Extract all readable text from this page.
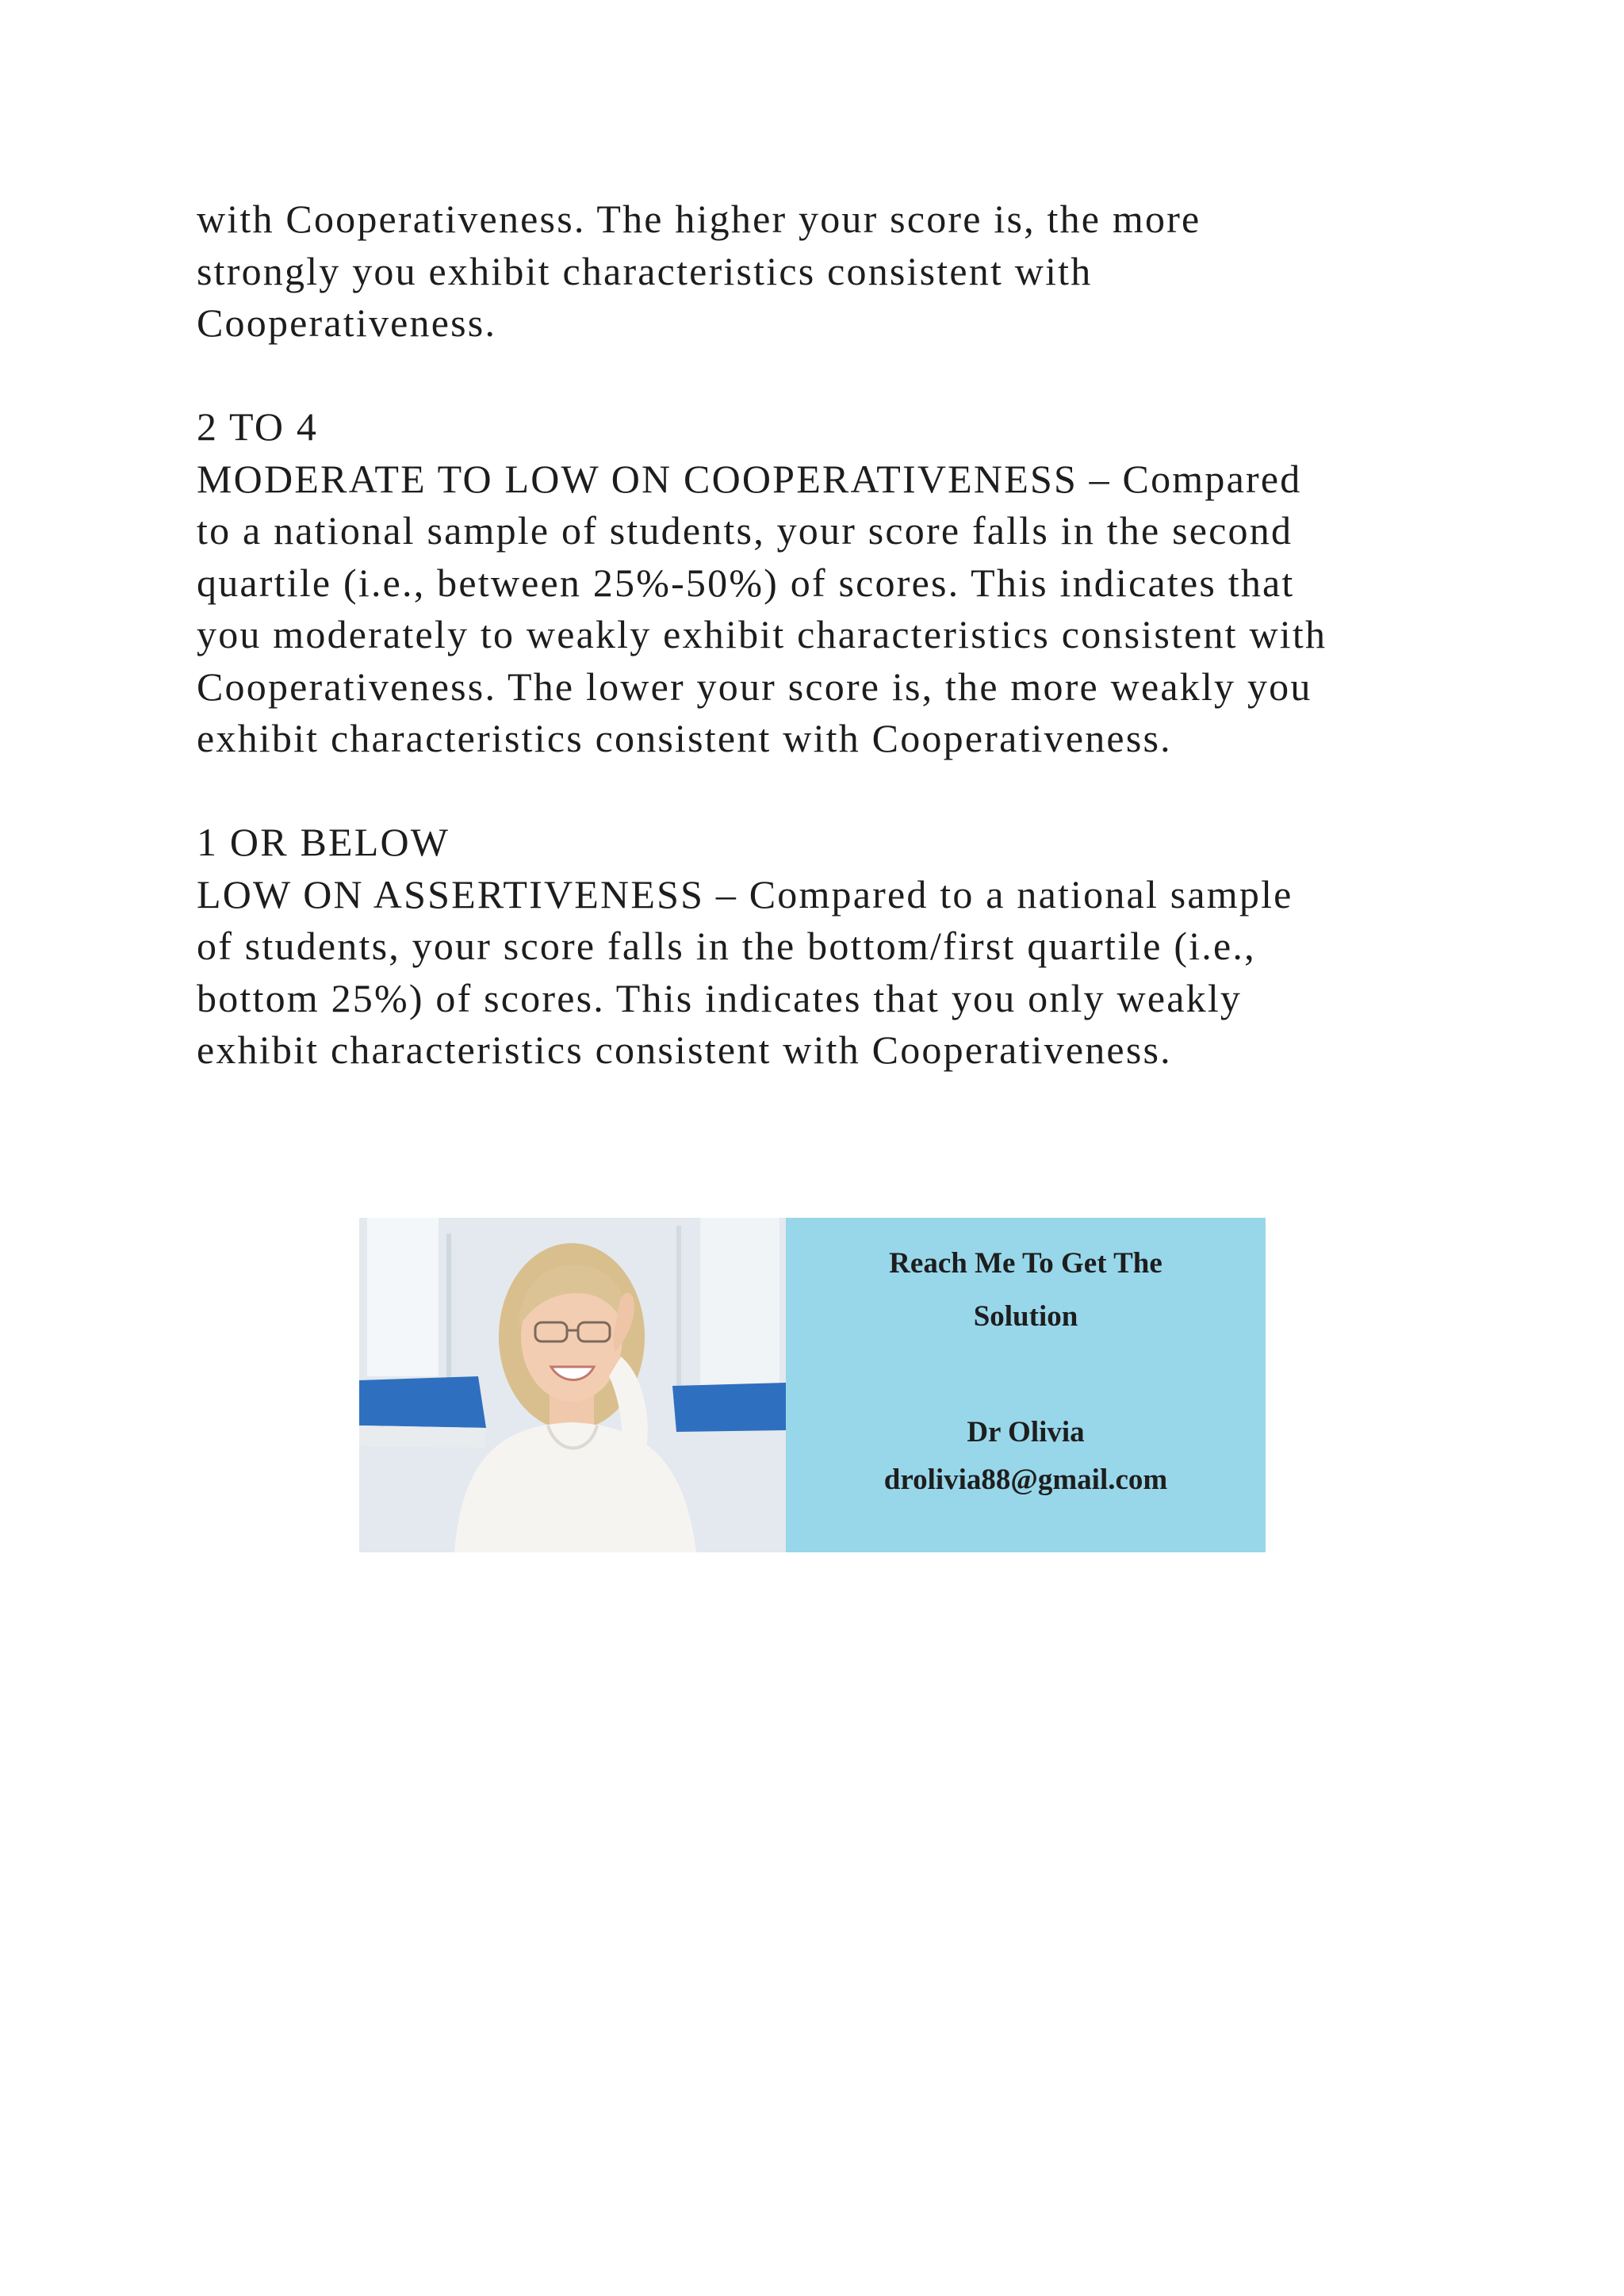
with Cooperativeness. The higher your score is, the more
strongly you exhibit characteristics consistent with
Cooperativeness.
2 TO 4
MODERATE TO LOW ON COOPERATIVENESS – Compared
to a national sample of students, your score falls in the second
quartile (i.e., between 25%-50%) of scores. This indicates that
you moderately to weakly exhibit characteristics consistent with
Cooperativeness. The lower your score is, the more weakly you
exhibit characteristics consistent with Cooperativeness.
1 OR BELOW
LOW ON ASSERTIVENESS – Compared to a national sample
of students, your score falls in the bottom/first quartile (i.e.,
bottom 25%) of scores. This indicates that you only weakly
exhibit characteristics consistent with Cooperativeness.
Reach Me To Get The
Solution
Dr Olivia
drolivia88@gmail.com
